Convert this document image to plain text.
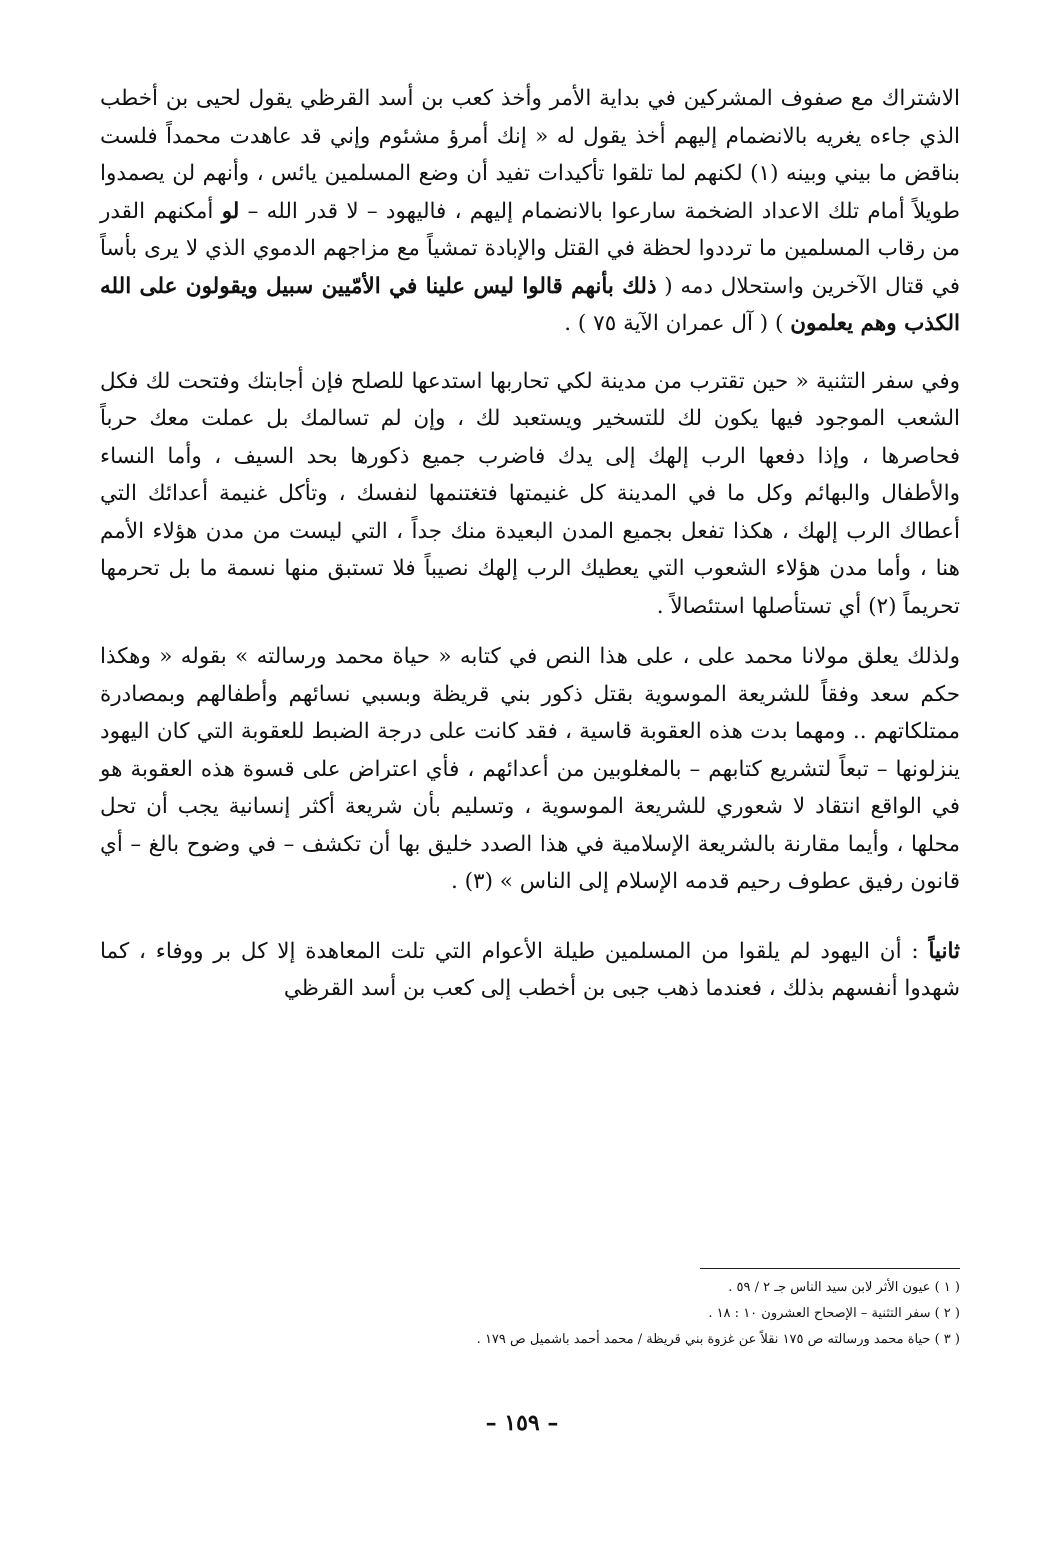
الاشتراك مع صفوف المشركين في بداية الأمر وأخذ كعب بن أسد القرظي يقول لحيى بن أخطب الذي جاءه يغريه بالانضمام إليهم أخذ يقول له « إنك أمرؤ مشئوم وإني قد عاهدت محمداً فلست بناقض ما بيني وبينه (١) لكنهم لما تلقوا تأكيدات تفيد أن وضع المسلمين يائس ، وأنهم لن يصمدوا طويلاً أمام تلك الاعداد الضخمة سارعوا بالانضمام إليهم ، فاليهود – لا قدر الله – لو أمكنهم القدر من رقاب المسلمين ما ترددوا لحظة في القتل والإبادة تمشياً مع مزاجهم الدموي الذي لا يرى بأساً في قتال الآخرين واستحلال دمه ( ذلك بأنهم قالوا ليس علينا في الأمّيين سبيل ويقولون على الله الكذب وهم يعلمون ) ( آل عمران الآية ٧٥ ) .

وفي سفر التثنية « حين تقترب من مدينة لكي تحاربها استدعها للصلح فإن أجابتك وفتحت لك فكل الشعب الموجود فيها يكون لك للتسخير ويستعبد لك ، وإن لم تسالمك بل عملت معك حرباً فحاصرها ، وإذا دفعها الرب إلهك إلى يدك فاضرب جميع ذكورها بحد السيف ، وأما النساء والأطفال والبهائم وكل ما في المدينة كل غنيمتها فتغتنمها لنفسك ، وتأكل غنيمة أعدائك التي أعطاك الرب إلهك ، هكذا تفعل بجميع المدن البعيدة منك جداً ، التي ليست من مدن هؤلاء الأمم هنا ، وأما مدن هؤلاء الشعوب التي يعطيك الرب إلهك نصيباً فلا تستبق منها نسمة ما بل تحرمها تحريماً (٢) أي تستأصلها استئصالاً .

ولذلك يعلق مولانا محمد على ، على هذا النص في كتابه « حياة محمد ورسالته » بقوله « وهكذا حكم سعد وفقاً للشريعة الموسوية بقتل ذكور بني قريظة وبسبي نسائهم وأطفالهم وبمصادرة ممتلكاتهم .. ومهما بدت هذه العقوبة قاسية ، فقد كانت على درجة الضبط للعقوبة التي كان اليهود ينزلونها – تبعاً لتشريع كتابهم – بالمغلوبين من أعدائهم ، فأي اعتراض على قسوة هذه العقوبة هو في الواقع انتقاد لا شعوري للشريعة الموسوية ، وتسليم بأن شريعة أكثر إنسانية يجب أن تحل محلها ، وأيما مقارنة بالشريعة الإسلامية في هذا الصدد خليق بها أن تكشف – في وضوح بالغ – أي قانون رفيق عطوف رحيم قدمه الإسلام إلى الناس » (٣) .

ثانياً : أن اليهود لم يلقوا من المسلمين طيلة الأعوام التي تلت المعاهدة إلا كل بر ووفاء ، كما شهدوا أنفسهم بذلك ، فعندما ذهب جبى بن أخطب إلى كعب بن أسد القرظي

( ١ ) عيون الأثر لابن سيد الناس جـ ٢ / ٥٩ .

( ٢ ) سفر التثنية – الإصحاح العشرون ١٠ : ١٨ .

( ٣ ) حياة محمد ورسالته ص ١٧٥ نقلاً عن غزوة بني قريظة / محمد أحمد باشميل ص ١٧٩ .

– ١٥٩ –
